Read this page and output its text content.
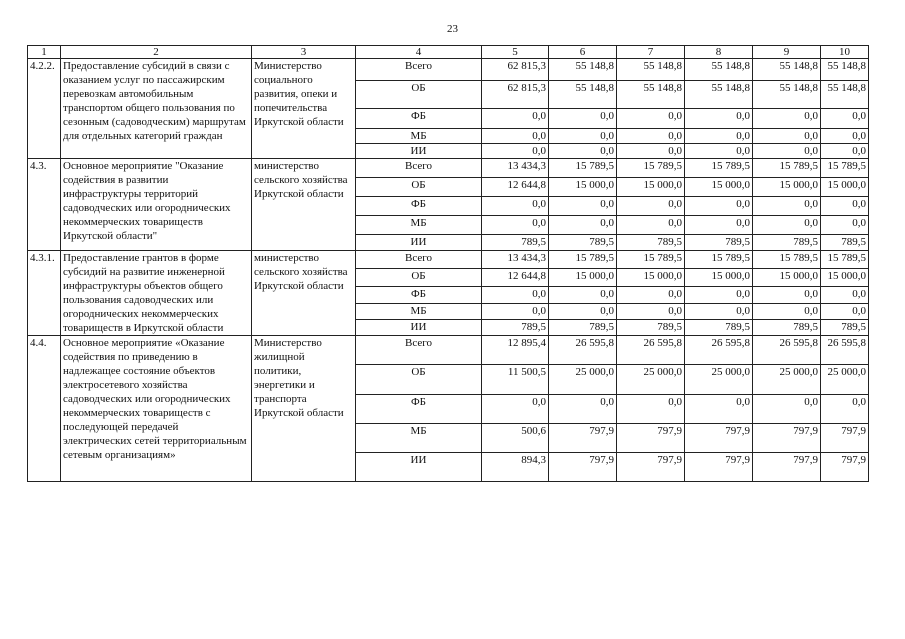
23
1	2	3	4	5	6	7	8	9	10
4.2.2.	Предоставление субсидий в связи с оказанием услуг по пассажирским перевозкам автомобильным транспортом общего пользования по сезонным (садоводческим) маршрутам для отдельных категорий граждан	Министерство социального развития, опеки и попечительства Иркутской области	Всего	62 815,3	55 148,8	55 148,8	55 148,8	55 148,8	55 148,8
			ОБ	62 815,3	55 148,8	55 148,8	55 148,8	55 148,8	55 148,8
			ФБ	0,0	0,0	0,0	0,0	0,0	0,0
			МБ	0,0	0,0	0,0	0,0	0,0	0,0
			ИИ	0,0	0,0	0,0	0,0	0,0	0,0
4.3.	Основное мероприятие "Оказание содействия в развитии инфраструктуры территорий садоводческих или огороднических некоммерческих товариществ Иркутской области"	министерство сельского хозяйства Иркутской области	Всего	13 434,3	15 789,5	15 789,5	15 789,5	15 789,5	15 789,5
			ОБ	12 644,8	15 000,0	15 000,0	15 000,0	15 000,0	15 000,0
			ФБ	0,0	0,0	0,0	0,0	0,0	0,0
			МБ	0,0	0,0	0,0	0,0	0,0	0,0
			ИИ	789,5	789,5	789,5	789,5	789,5	789,5
4.3.1.	Предоставление грантов в форме субсидий на развитие инженерной инфраструктуры объектов общего пользования садоводческих или огороднических некоммерческих товариществ в Иркутской области	министерство сельского хозяйства Иркутской области	Всего	13 434,3	15 789,5	15 789,5	15 789,5	15 789,5	15 789,5
			ОБ	12 644,8	15 000,0	15 000,0	15 000,0	15 000,0	15 000,0
			ФБ	0,0	0,0	0,0	0,0	0,0	0,0
			МБ	0,0	0,0	0,0	0,0	0,0	0,0
			ИИ	789,5	789,5	789,5	789,5	789,5	789,5
4.4.	Основное мероприятие «Оказание содействия по приведению в надлежащее состояние объектов электросетевого хозяйства садоводческих или огороднических некоммерческих товариществ с последующей передачей электрических сетей территориальным сетевым организациям»	Министерство жилищной политики, энергетики и транспорта Иркутской области	Всего	12 895,4	26 595,8	26 595,8	26 595,8	26 595,8	26 595,8
			ОБ	11 500,5	25 000,0	25 000,0	25 000,0	25 000,0	25 000,0
			ФБ	0,0	0,0	0,0	0,0	0,0	0,0
			МБ	500,6	797,9	797,9	797,9	797,9	797,9
			ИИ	894,3	797,9	797,9	797,9	797,9	797,9
